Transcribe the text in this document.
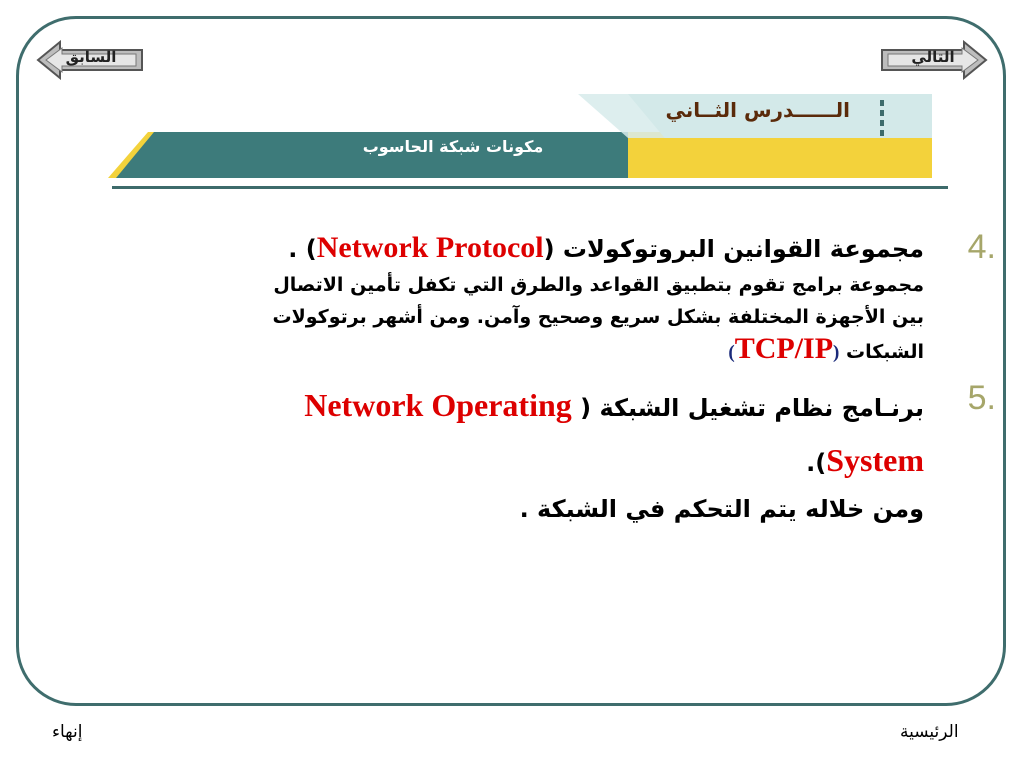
السابق	التالي
الــــــدرس الثــاني
مكونات شبكة الحاسوب
4.
مجموعة القوانين البروتوكولات (Network Protocol) .
مجموعة برامج تقوم بتطبيق القواعد والطرق التي تكفل تأمين الاتصال
بين الأجهزة المختلفة بشكل سريع وصحيح وآمن. ومن أشهر برتوكولات
الشبكات (TCP/IP)
5.
برنـامج نظام تشغيل الشبكة ( Network Operating
System).
ومن خلاله يتم التحكم في الشبكة .
إنهاء	الرئيسية
